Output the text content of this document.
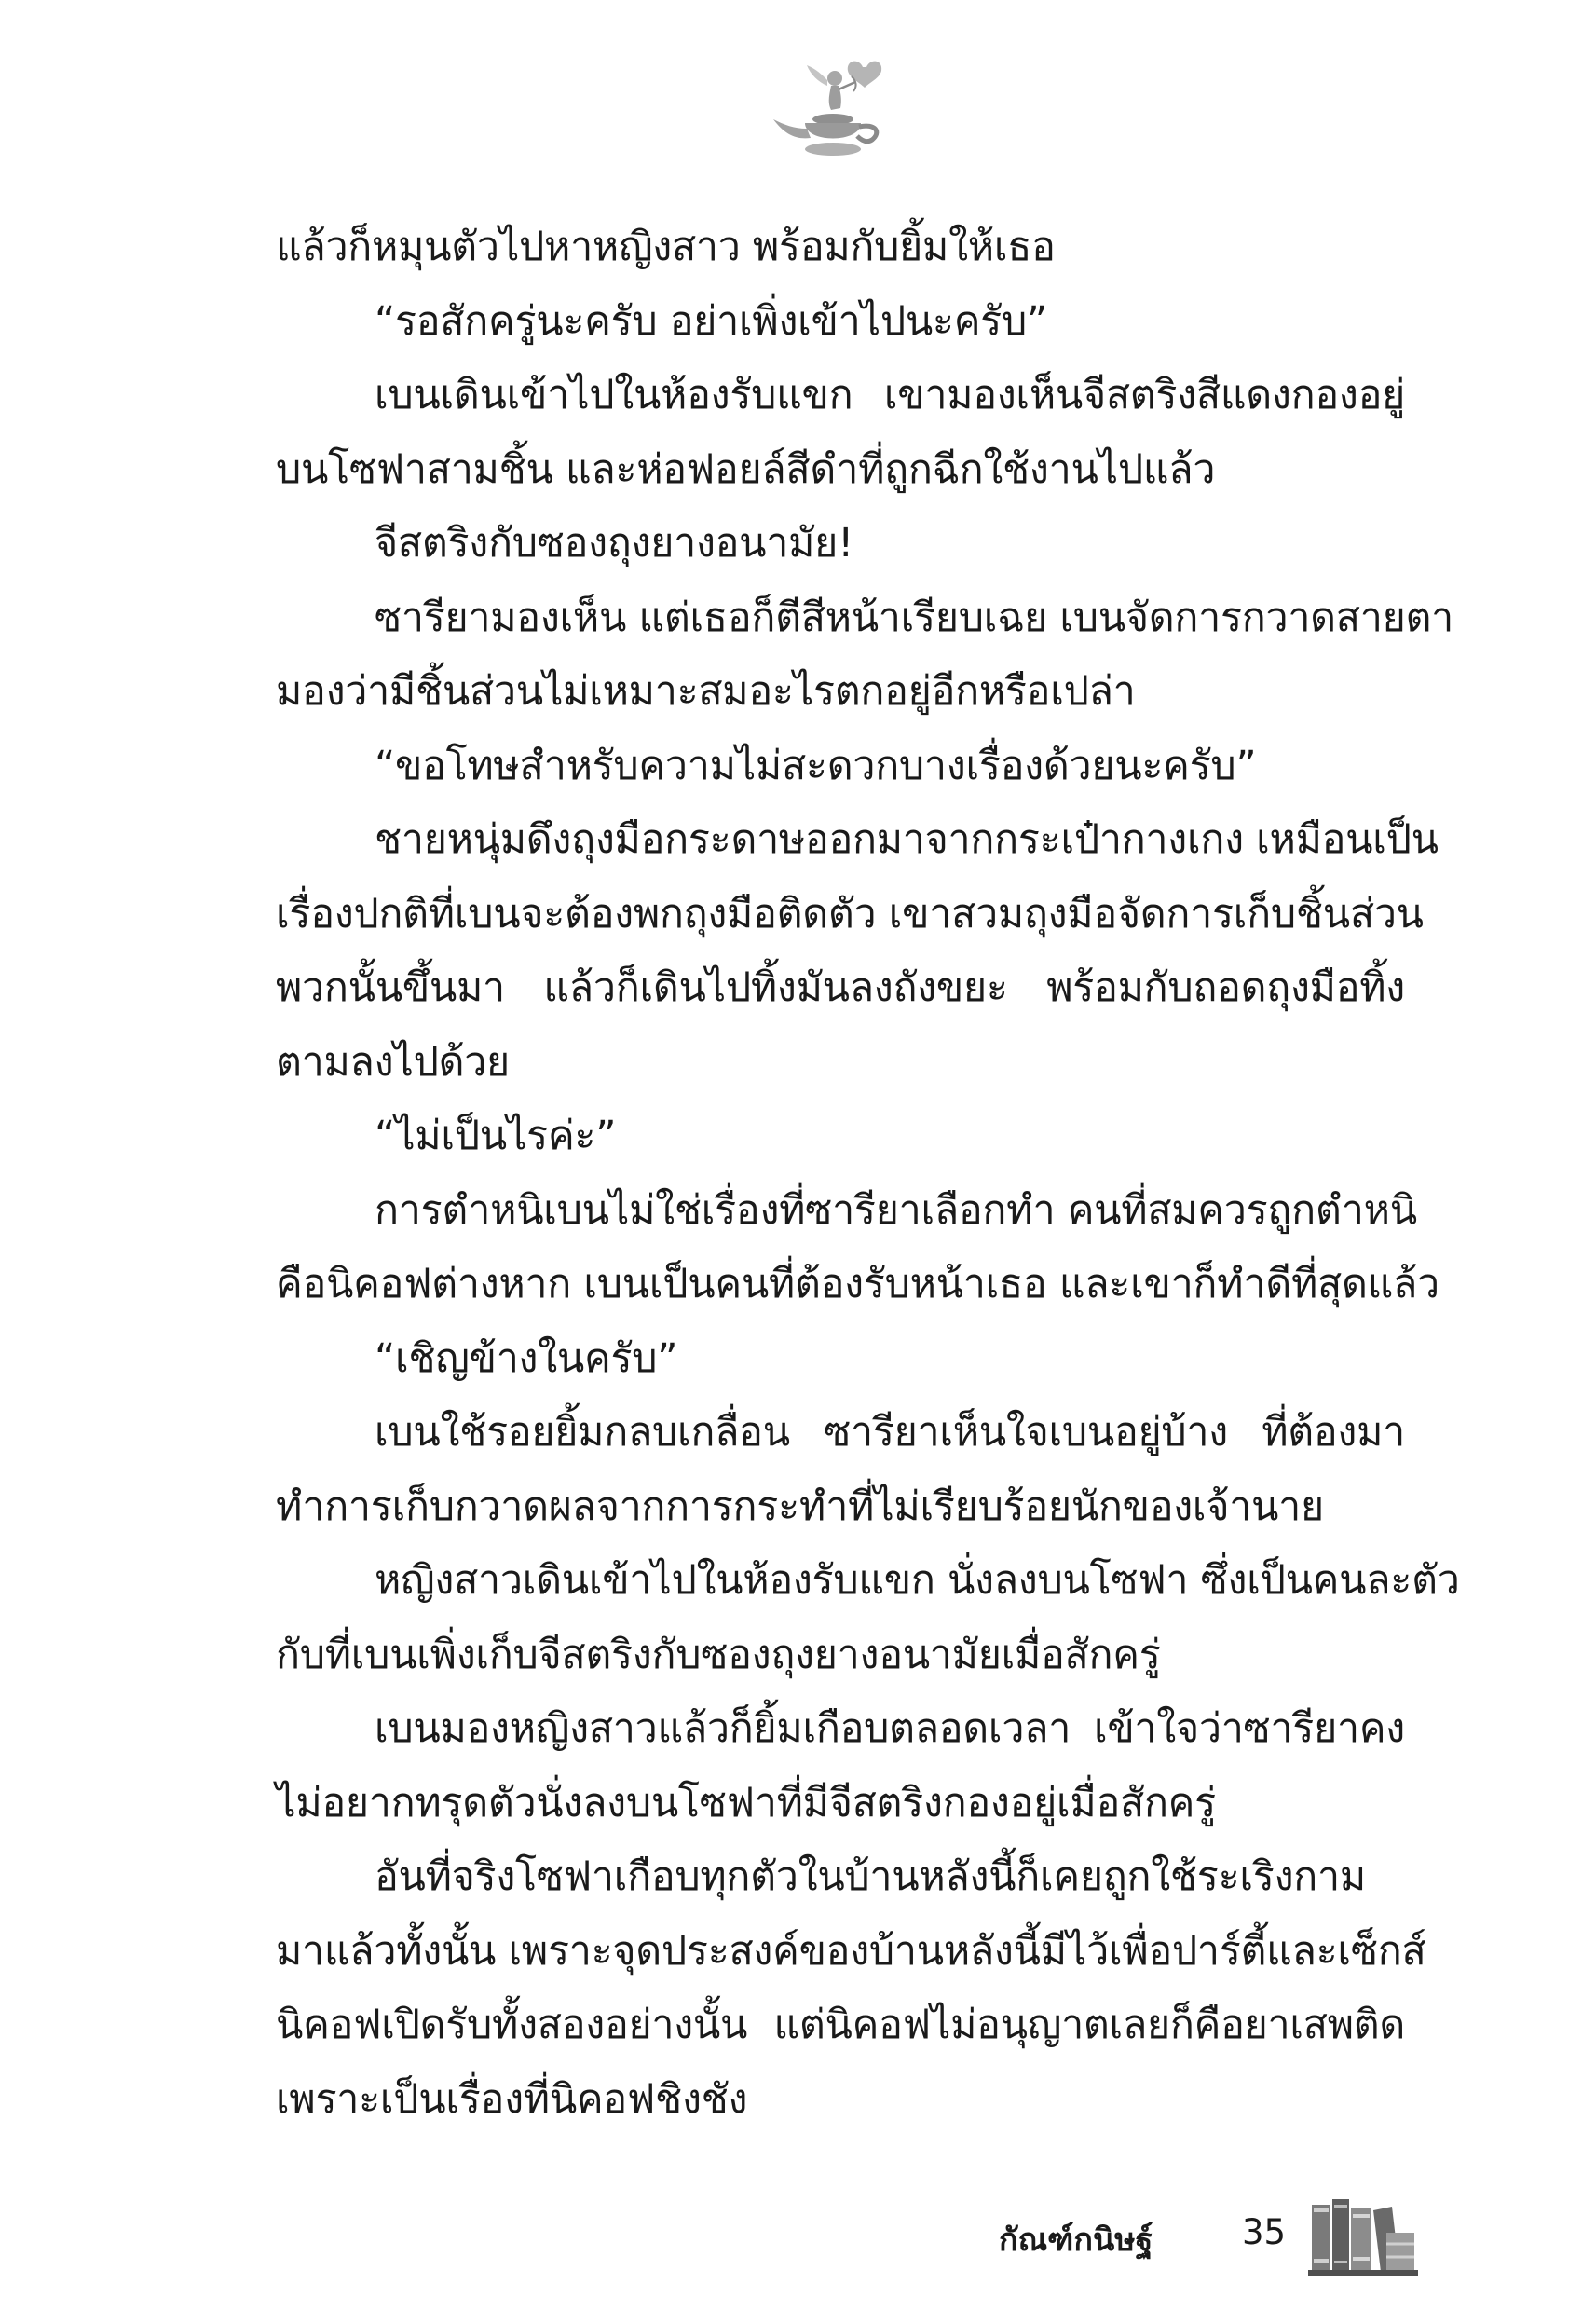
แล้วก็หมุนตัวไปหาหญิงสาว พร้อมกับยิ้มให้เธอ
“รอสักครู่นะครับ อย่าเพิ่งเข้าไปนะครับ”
เบนเดินเข้าไปในห้องรับแขก เขามองเห็นจีสตริงสีแดงกองอยู่
บนโซฟาสามชิ้น และห่อฟอยล์สีดำที่ถูกฉีกใช้งานไปแล้ว
จีสตริงกับซองถุงยางอนามัย!
ซารียามองเห็น แต่เธอก็ตีสีหน้าเรียบเฉย เบนจัดการกวาดสายตา
มองว่ามีชิ้นส่วนไม่เหมาะสมอะไรตกอยู่อีกหรือเปล่า
“ขอโทษสำหรับความไม่สะดวกบางเรื่องด้วยนะครับ”
ชายหนุ่มดึงถุงมือกระดาษออกมาจากกระเป๋ากางเกง เหมือนเป็น
เรื่องปกติที่เบนจะต้องพกถุงมือติดตัว เขาสวมถุงมือจัดการเก็บชิ้นส่วน
พวกนั้นขึ้นมา แล้วก็เดินไปทิ้งมันลงถังขยะ พร้อมกับถอดถุงมือทิ้ง
ตามลงไปด้วย
“ไม่เป็นไรค่ะ”
การตำหนิเบนไม่ใช่เรื่องที่ซารียาเลือกทำ คนที่สมควรถูกตำหนิ
คือนิคอฟต่างหาก เบนเป็นคนที่ต้องรับหน้าเธอ และเขาก็ทำดีที่สุดแล้ว
“เชิญข้างในครับ”
เบนใช้รอยยิ้มกลบเกลื่อน ซารียาเห็นใจเบนอยู่บ้าง ที่ต้องมา
ทำการเก็บกวาดผลจากการกระทำที่ไม่เรียบร้อยนักของเจ้านาย
หญิงสาวเดินเข้าไปในห้องรับแขก นั่งลงบนโซฟา ซึ่งเป็นคนละตัว
กับที่เบนเพิ่งเก็บจีสตริงกับซองถุงยางอนามัยเมื่อสักครู่
เบนมองหญิงสาวแล้วก็ยิ้มเกือบตลอดเวลา เข้าใจว่าซารียาคง
ไม่อยากทรุดตัวนั่งลงบนโซฟาที่มีจีสตริงกองอยู่เมื่อสักครู่
อันที่จริงโซฟาเกือบทุกตัวในบ้านหลังนี้ก็เคยถูกใช้ระเริงกาม
มาแล้วทั้งนั้น เพราะจุดประสงค์ของบ้านหลังนี้มีไว้เพื่อปาร์ตี้และเซ็กส์
นิคอฟเปิดรับทั้งสองอย่างนั้น แต่นิคอฟไม่อนุญาตเลยก็คือยาเสพติด
เพราะเป็นเรื่องที่นิคอฟชิงชัง
กัณฑ์กนิษฐ์	35
